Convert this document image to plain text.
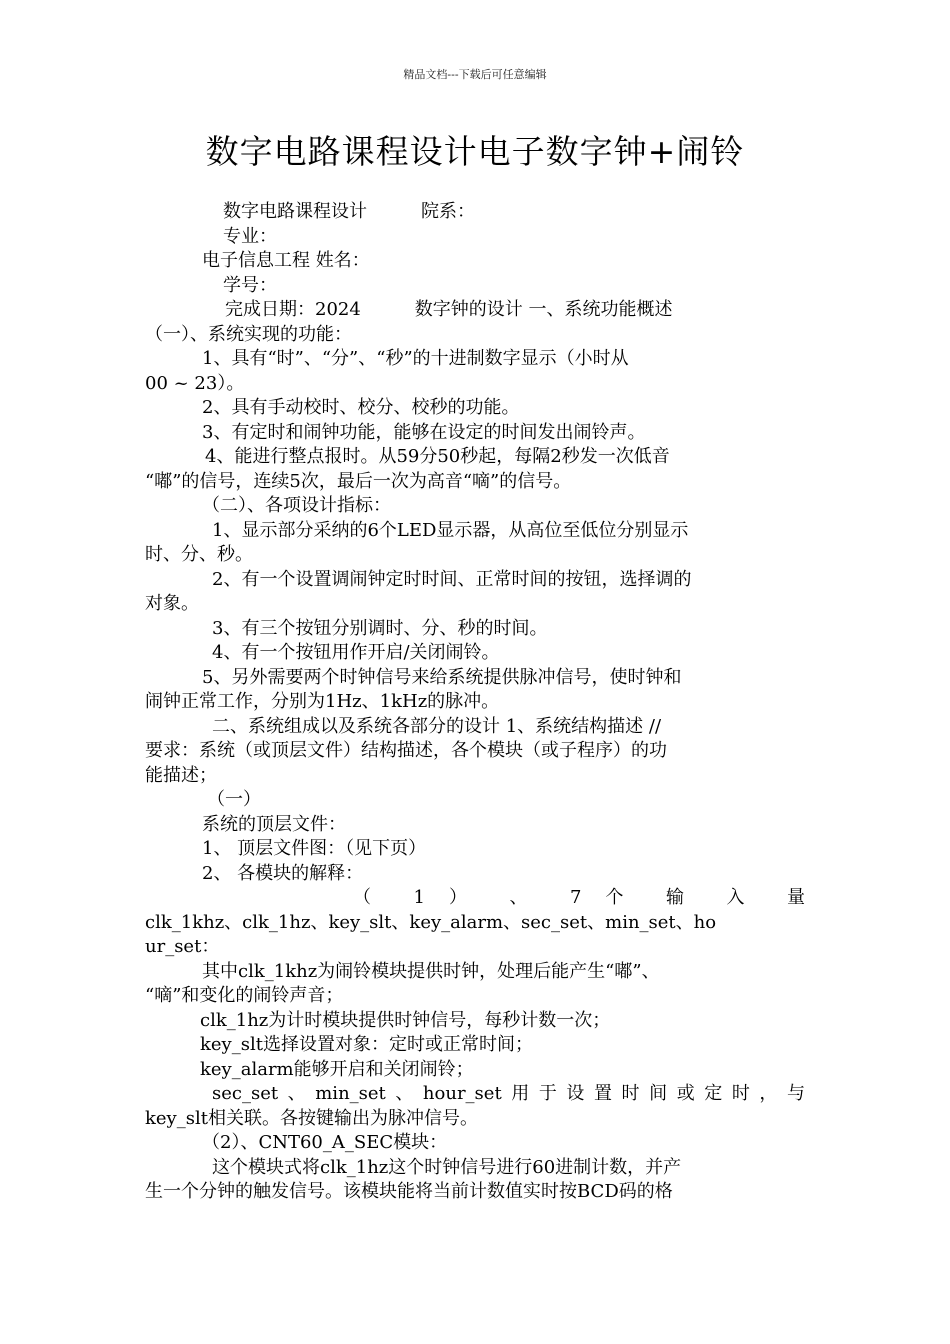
精品文档---下载后可任意编辑
数字电路课程设计电子数字钟+闹铃

数字电路课程设计　　　院系：

专业：

电子信息工程 姓名：

学号：

完成日期：2024　　　数字钟的设计 一、系统功能概述

（一）、系统实现的功能：

1、具有“时”、“分”、“秒”的十进制数字显示（小时从

00 ~ 23）。

2、具有手动校时、校分、校秒的功能。

3、有定时和闹钟功能，能够在设定的时间发出闹铃声。

4、能进行整点报时。从59分50秒起，每隔2秒发一次低音

“嘟”的信号，连续5次，最后一次为高音“嘀”的信号。

（二）、各项设计指标：

1、显示部分采纳的6个LED显示器，从高位至低位分别显示

时、分、秒。

2、有一个设置调闹钟定时时间、正常时间的按钮，选择调的

对象。

3、有三个按钮分别调时、分、秒的时间。

4、有一个按钮用作开启/关闭闹铃。

5、另外需要两个时钟信号来给系统提供脉冲信号，使时钟和

闹钟正常工作，分别为1Hz、1kHz的脉冲。

二、系统组成以及系统各部分的设计 1、系统结构描述 //

要求：系统（或顶层文件）结构描述，各个模块（或子程序）的功

能描述；

（一）

系统的顶层文件：

1、 顶层文件图：（见下页）

2、 各模块的解释：

（ 1 ） 、 7 个 输 入 量

clk_1khz、clk_1hz、key_slt、key_alarm、sec_set、min_set、ho

ur_set：

其中clk_1khz为闹铃模块提供时钟，处理后能产生“嘟”、

“嘀”和变化的闹铃声音；

clk_1hz为计时模块提供时钟信号，每秒计数一次；

key_slt选择设置对象：定时或正常时间；

key_alarm能够开启和关闭闹铃；

sec_set、min_set、hour_set用于设置时间或定时，与

key_slt相关联。各按键输出为脉冲信号。

（2）、CNT60_A_SEC模块：

这个模块式将clk_1hz这个时钟信号进行60进制计数，并产

生一个分钟的触发信号。该模块能将当前计数值实时按BCD码的格
